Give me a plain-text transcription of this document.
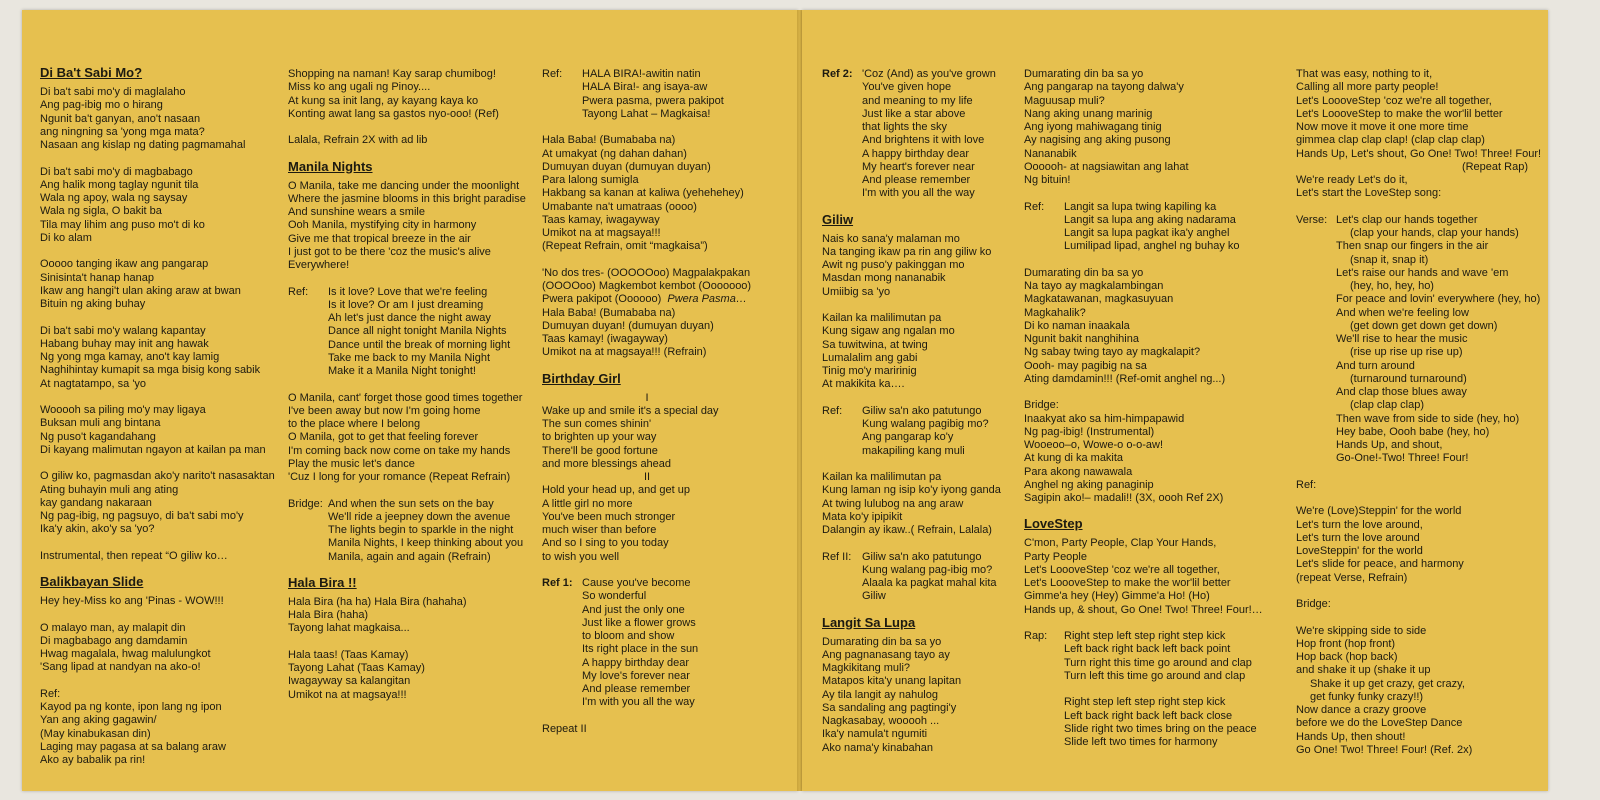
Di Ba't Sabi Mo?
Di ba't sabi mo'y di maglalaho
Ang pag-ibig mo o hirang
Ngunit ba't ganyan, ano't nasaan
ang ningning sa 'yong mga mata?
Nasaan ang kislap ng dating pagmamahal
Di ba't sabi mo'y di magbabago
Ang halik mong taglay ngunit tila
Wala ng apoy, wala ng saysay
Wala ng sigla, O bakit ba
Tila may lihim ang puso mo't di ko
Di ko alam
Ooooo tanging ikaw ang pangarap
Sinisinta't hanap hanap
Ikaw ang hangi't ulan aking araw at bwan
Bituin ng aking buhay
Di ba't sabi mo'y walang kapantay
Habang buhay may init ang hawak
Ng yong mga kamay, ano't kay lamig
Naghihintay kumapit sa mga bisig kong sabik
At nagtatampo, sa 'yo
Wooooh sa piling mo'y may ligaya
Buksan muli ang bintana
Ng puso't kagandahang
Di kayang malimutan ngayon at kailan pa man
O giliw ko, pagmasdan ako'y narito't nasasaktan
Ating buhayin muli ang ating
kay gandang nakaraan
Ng pag-ibig, ng pagsuyo, di ba't sabi mo'y
Ika'y akin, ako'y sa 'yo?
Instrumental, then repeat “O giliw ko…
Balikbayan Slide
Hey hey-Miss ko ang 'Pinas - WOW!!!
O malayo man, ay malapit din
Di magbabago ang damdamin
Hwag magalala, hwag malulungkot
'Sang lipad at nandyan na ako-o!
Ref:
Kayod pa ng konte, ipon lang ng ipon
Yan ang aking gagawin/
(May kinabukasan din)
Laging may pagasa at sa balang araw
Ako ay babalik pa rin!
Shopping na naman! Kay sarap chumibog!
Miss ko ang ugali ng Pinoy....
At kung sa init lang, ay kayang kaya ko
Konting awat lang sa gastos nyo-ooo! (Ref)
Lalala, Refrain 2X with ad lib
Manila Nights
O Manila, take me dancing under the moonlight
Where the jasmine blooms in this bright paradise
And sunshine wears a smile
Ooh Manila, mystifying city in harmony
Give me that tropical breeze in the air
I just got to be there 'coz the music's alive
Everywhere!
Ref: Is it love? Love that we're feeling
Is it love? Or am I just dreaming
Ah let's just dance the night away
Dance all night tonight Manila Nights
Dance until the break of morning light
Take me back to my Manila Night
Make it a Manila Night tonight!
O Manila, cant' forget those good times together
I've been away but now I'm going home
to the place where I belong
O Manila, got to get that feeling forever
I'm coming back now come on take my hands
Play the music let's dance
'Cuz I long for your romance (Repeat Refrain)
Bridge: And when the sun sets on the bay
We'll ride a jeepney down the avenue
The lights begin to sparkle in the night
Manila Nights, I keep thinking about you
Manila, again and again (Refrain)
Hala Bira !!
Hala Bira (ha ha) Hala Bira (hahaha)
Hala Bira (haha)
Tayong lahat magkaisa...
Hala taas! (Taas Kamay)
Tayong Lahat (Taas Kamay)
Iwagayway sa kalangitan
Umikot na at magsaya!!!
Ref: HALA BIRA!-awitin natin
HALA Bira!- ang isaya-aw
Pwera pasma, pwera pakipot
Tayong Lahat – Magkaisa!
Hala Baba! (Bumababa na)
At umakyat (ng dahan dahan)
Dumuyan duyan (dumuyan duyan)
Para lalong sumigla
Hakbang sa kanan at kaliwa (yehehehey)
Umabante na't umatraas (oooo)
Taas kamay, iwagayway
Umikot na at magsaya!!!
(Repeat Refrain, omit “magkaisa”)
'No dos tres- (OOOOOoo) Magpalakpakan
(OOOOoo) Magkembot kembot (Ooooooo)
Pwera pakipot (Oooooo) Pwera Pasma…
Hala Baba! (Bumababa na)
Dumuyan duyan! (dumuyan duyan)
Taas kamay! (iwagayway)
Umikot na at magsaya!!! (Refrain)
Birthday Girl
I
Wake up and smile it's a special day
The sun comes shinin'
to brighten up your way
There'll be good fortune
and more blessings ahead
II
Hold your head up, and get up
A little girl no more
You've been much stronger
much wiser than before
And so I sing to you today
to wish you well
Ref 1: Cause you've become
So wonderful
And just the only one
Just like a flower grows
to bloom and show
Its right place in the sun
A happy birthday dear
My love's forever near
And please remember
I'm with you all the way
Repeat II
Ref 2: 'Coz (And) as you've grown
You've given hope
and meaning to my life
Just like a star above
that lights the sky
And brightens it with love
A happy birthday dear
My heart's forever near
And please remember
I'm with you all the way
Giliw
Nais ko sana'y malaman mo
Na tanging ikaw pa rin ang giliw ko
Awit ng puso'y pakinggan mo
Masdan mong nananabik
Umiibig sa 'yo
Kailan ka malilimutan pa
Kung sigaw ang ngalan mo
Sa tuwitwina, at twing
Lumalalim ang gabi
Tinig mo'y maririnig
At makikita ka….
Ref: Giliw sa'n ako patutungo
Kung walang pagibig mo?
Ang pangarap ko'y
makapiling kang muli
Kailan ka malilimutan pa
Kung laman ng isip ko'y iyong ganda
At twing lulubog na ang araw
Mata ko'y ipipikit
Dalangin ay ikaw..( Refrain, Lalala)
Ref II: Giliw sa'n ako patutungo
Kung walang pag-ibig mo?
Alaala ka pagkat mahal kita
Giliw
Langit Sa Lupa
Dumarating din ba sa yo
Ang pagnanasang tayo ay
Magkikitang muli?
Matapos kita'y unang lapitan
Ay tila langit ay nahulog
Sa sandaling ang pagtingi'y
Nagkasabay, wooooh ...
Ika'y namula't ngumiti
Ako nama'y kinabahan
Dumarating din ba sa yo
Ang pangarap na tayong dalwa'y
Maguusap muli?
Nang aking unang marinig
Ang iyong mahiwagang tinig
Ay nagising ang aking pusong
Nananabik
Oooooh- at nagsiawitan ang lahat
Ng bituin!
Ref: Langit sa lupa twing kapiling ka
Langit sa lupa ang aking nadarama
Langit sa lupa pagkat ika'y anghel
Lumilipad lipad, anghel ng buhay ko
Dumarating din ba sa yo
Na tayo ay magkalambingan
Magkatawanan, magkasuyuan
Magkahalik?
Di ko naman inaakala
Ngunit bakit nanghihina
Ng sabay twing tayo ay magkalapit?
Oooh- may pagibig na sa
Ating damdamin!!! (Ref-omit anghel ng...)
Bridge:
Inaakyat ako sa him-himpapawid
Ng pag-ibig! (Instrumental)
Wooeoo–o, Wowe-o o-o-aw!
At kung di ka makita
Para akong nawawala
Anghel ng aking panaginip
Sagipin ako!– madali!! (3X, oooh Ref 2X)
LoveStep
C'mon, Party People, Clap Your Hands,
Party People
Let's LoooveStep 'coz we're all together,
Let's LoooveStep to make the wor'lil better
Gimme'a hey (Hey) Gimme'a Ho! (Ho)
Hands up, & shout, Go One! Two! Three! Four!…
Rap: Right step left step right step kick
Left back right back left back point
Turn right this time go around and clap
Turn left this time go around and clap
Right step left step right step kick
Left back right back left back close
Slide right two times bring on the peace
Slide left two times for harmony
That was easy, nothing to it,
Calling all more party people!
Let's LoooveStep 'coz we're all together,
Let's LoooveStep to make the wor'lil better
Now move it move it one more time
gimmea clap clap clap! (clap clap clap)
Hands Up, Let's shout, Go One! Two! Three! Four!
(Repeat Rap)
We're ready Let's do it,
Let's start the LoveStep song:
Verse: Let's clap our hands together
(clap your hands, clap your hands)
Then snap our fingers in the air
(snap it, snap it)
Let's raise our hands and wave 'em
(hey, ho, hey, ho)
For peace and lovin' everywhere (hey, ho)
And when we're feeling low
(get down get down get down)
We'll rise to hear the music
(rise up rise up rise up)
And turn around
(turnaround turnaround)
And clap those blues away
(clap clap clap)
Then wave from side to side (hey, ho)
Hey babe, Oooh babe (hey, ho)
Hands Up, and shout,
Go-One!-Two! Three! Four!
Ref:
We're (Love)Steppin' for the world
Let's turn the love around,
Let's turn the love around
LoveSteppin' for the world
Let's slide for peace, and harmony
(repeat Verse, Refrain)
Bridge:
We're skipping side to side
Hop front (hop front)
Hop back (hop back)
and shake it up (shake it up
Shake it up get crazy, get crazy,
get funky funky crazy!!)
Now dance a crazy groove
before we do the LoveStep Dance
Hands Up, then shout!
Go One! Two! Three! Four! (Ref. 2x)
